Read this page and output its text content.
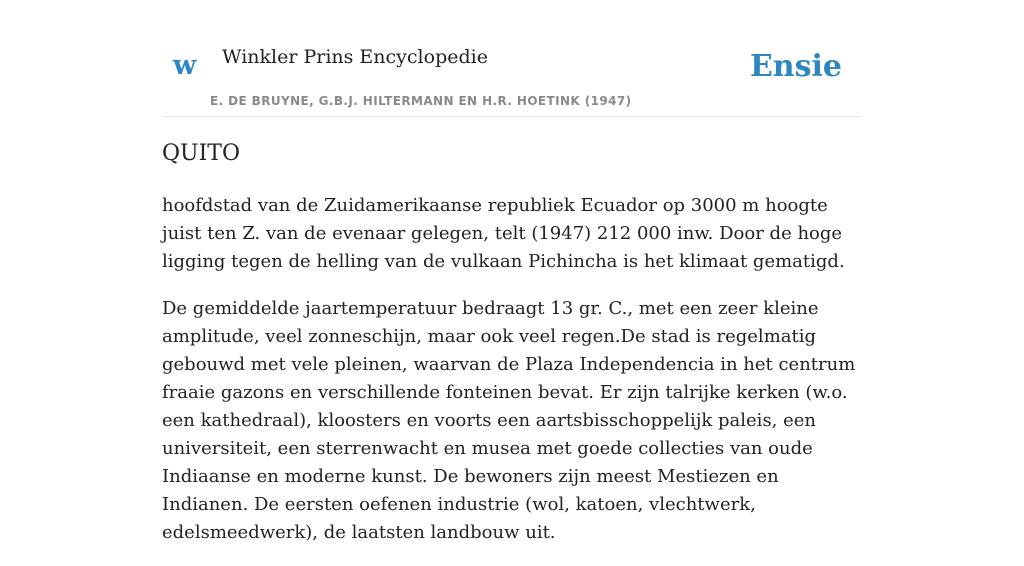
w Winkler Prins Encyclopedie
E. DE BRUYNE, G.B.J. HILTERMANN EN H.R. HOETINK (1947)
Ensie
QUITO

hoofdstad van de Zuidamerikaanse republiek Ecuador op 3000 m hoogte juist ten Z. van de evenaar gelegen, telt (1947) 212 000 inw. Door de hoge ligging tegen de helling van de vulkaan Pichincha is het klimaat gematigd.

De gemiddelde jaartemperatuur bedraagt 13 gr. C., met een zeer kleine amplitude, veel zonneschijn, maar ook veel regen.De stad is regelmatig gebouwd met vele pleinen, waarvan de Plaza Independencia in het centrum fraaie gazons en verschillende fonteinen bevat. Er zijn talrijke kerken (w.o. een kathedraal), kloosters en voorts een aartsbisschoppelijk paleis, een universiteit, een sterrenwacht en musea met goede collecties van oude Indiaanse en moderne kunst. De bewoners zijn meest Mestiezen en Indianen. De eersten oefenen industrie (wol, katoen, vlechtwerk, edelsmeedwerk), de laatsten landbouw uit.
